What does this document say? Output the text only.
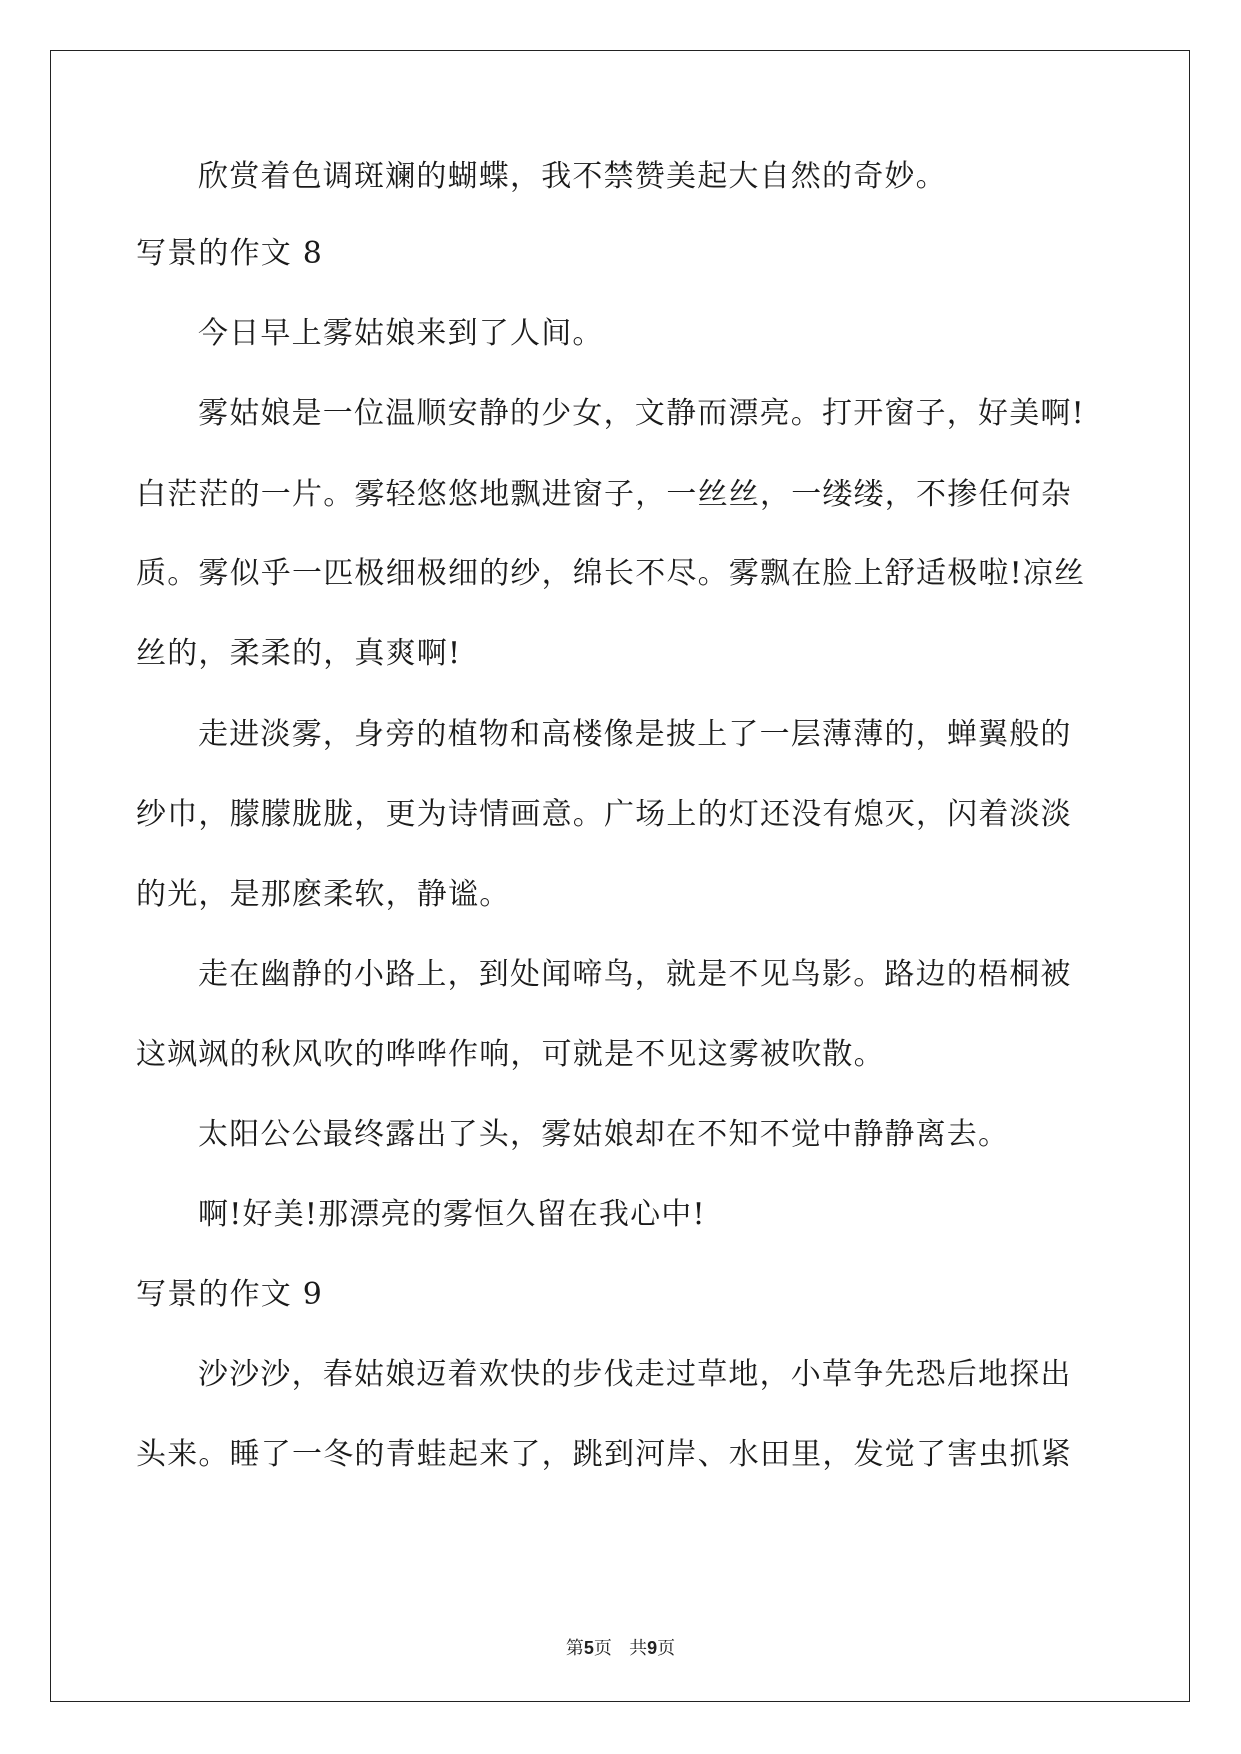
欣赏着色调斑斓的蝴蝶，我不禁赞美起大自然的奇妙。

写景的作文 8

今日早上雾姑娘来到了人间。

雾姑娘是一位温顺安静的少女，文静而漂亮。打开窗子，好美啊!

白茫茫的一片。雾轻悠悠地飘进窗子，一丝丝，一缕缕，不掺任何杂

质。雾似乎一匹极细极细的纱，绵长不尽。雾飘在脸上舒适极啦!凉丝

丝的，柔柔的，真爽啊!

走进淡雾，身旁的植物和高楼像是披上了一层薄薄的，蝉翼般的

纱巾，朦朦胧胧，更为诗情画意。广场上的灯还没有熄灭，闪着淡淡

的光，是那麽柔软，静谧。

走在幽静的小路上，到处闻啼鸟，就是不见鸟影。路边的梧桐被

这飒飒的秋风吹的哗哗作响，可就是不见这雾被吹散。

太阳公公最终露出了头，雾姑娘却在不知不觉中静静离去。

啊!好美!那漂亮的雾恒久留在我心中!

写景的作文 9

沙沙沙，春姑娘迈着欢快的步伐走过草地，小草争先恐后地探出

头来。睡了一冬的青蛙起来了，跳到河岸、水田里，发觉了害虫抓紧

第5页 共9页
